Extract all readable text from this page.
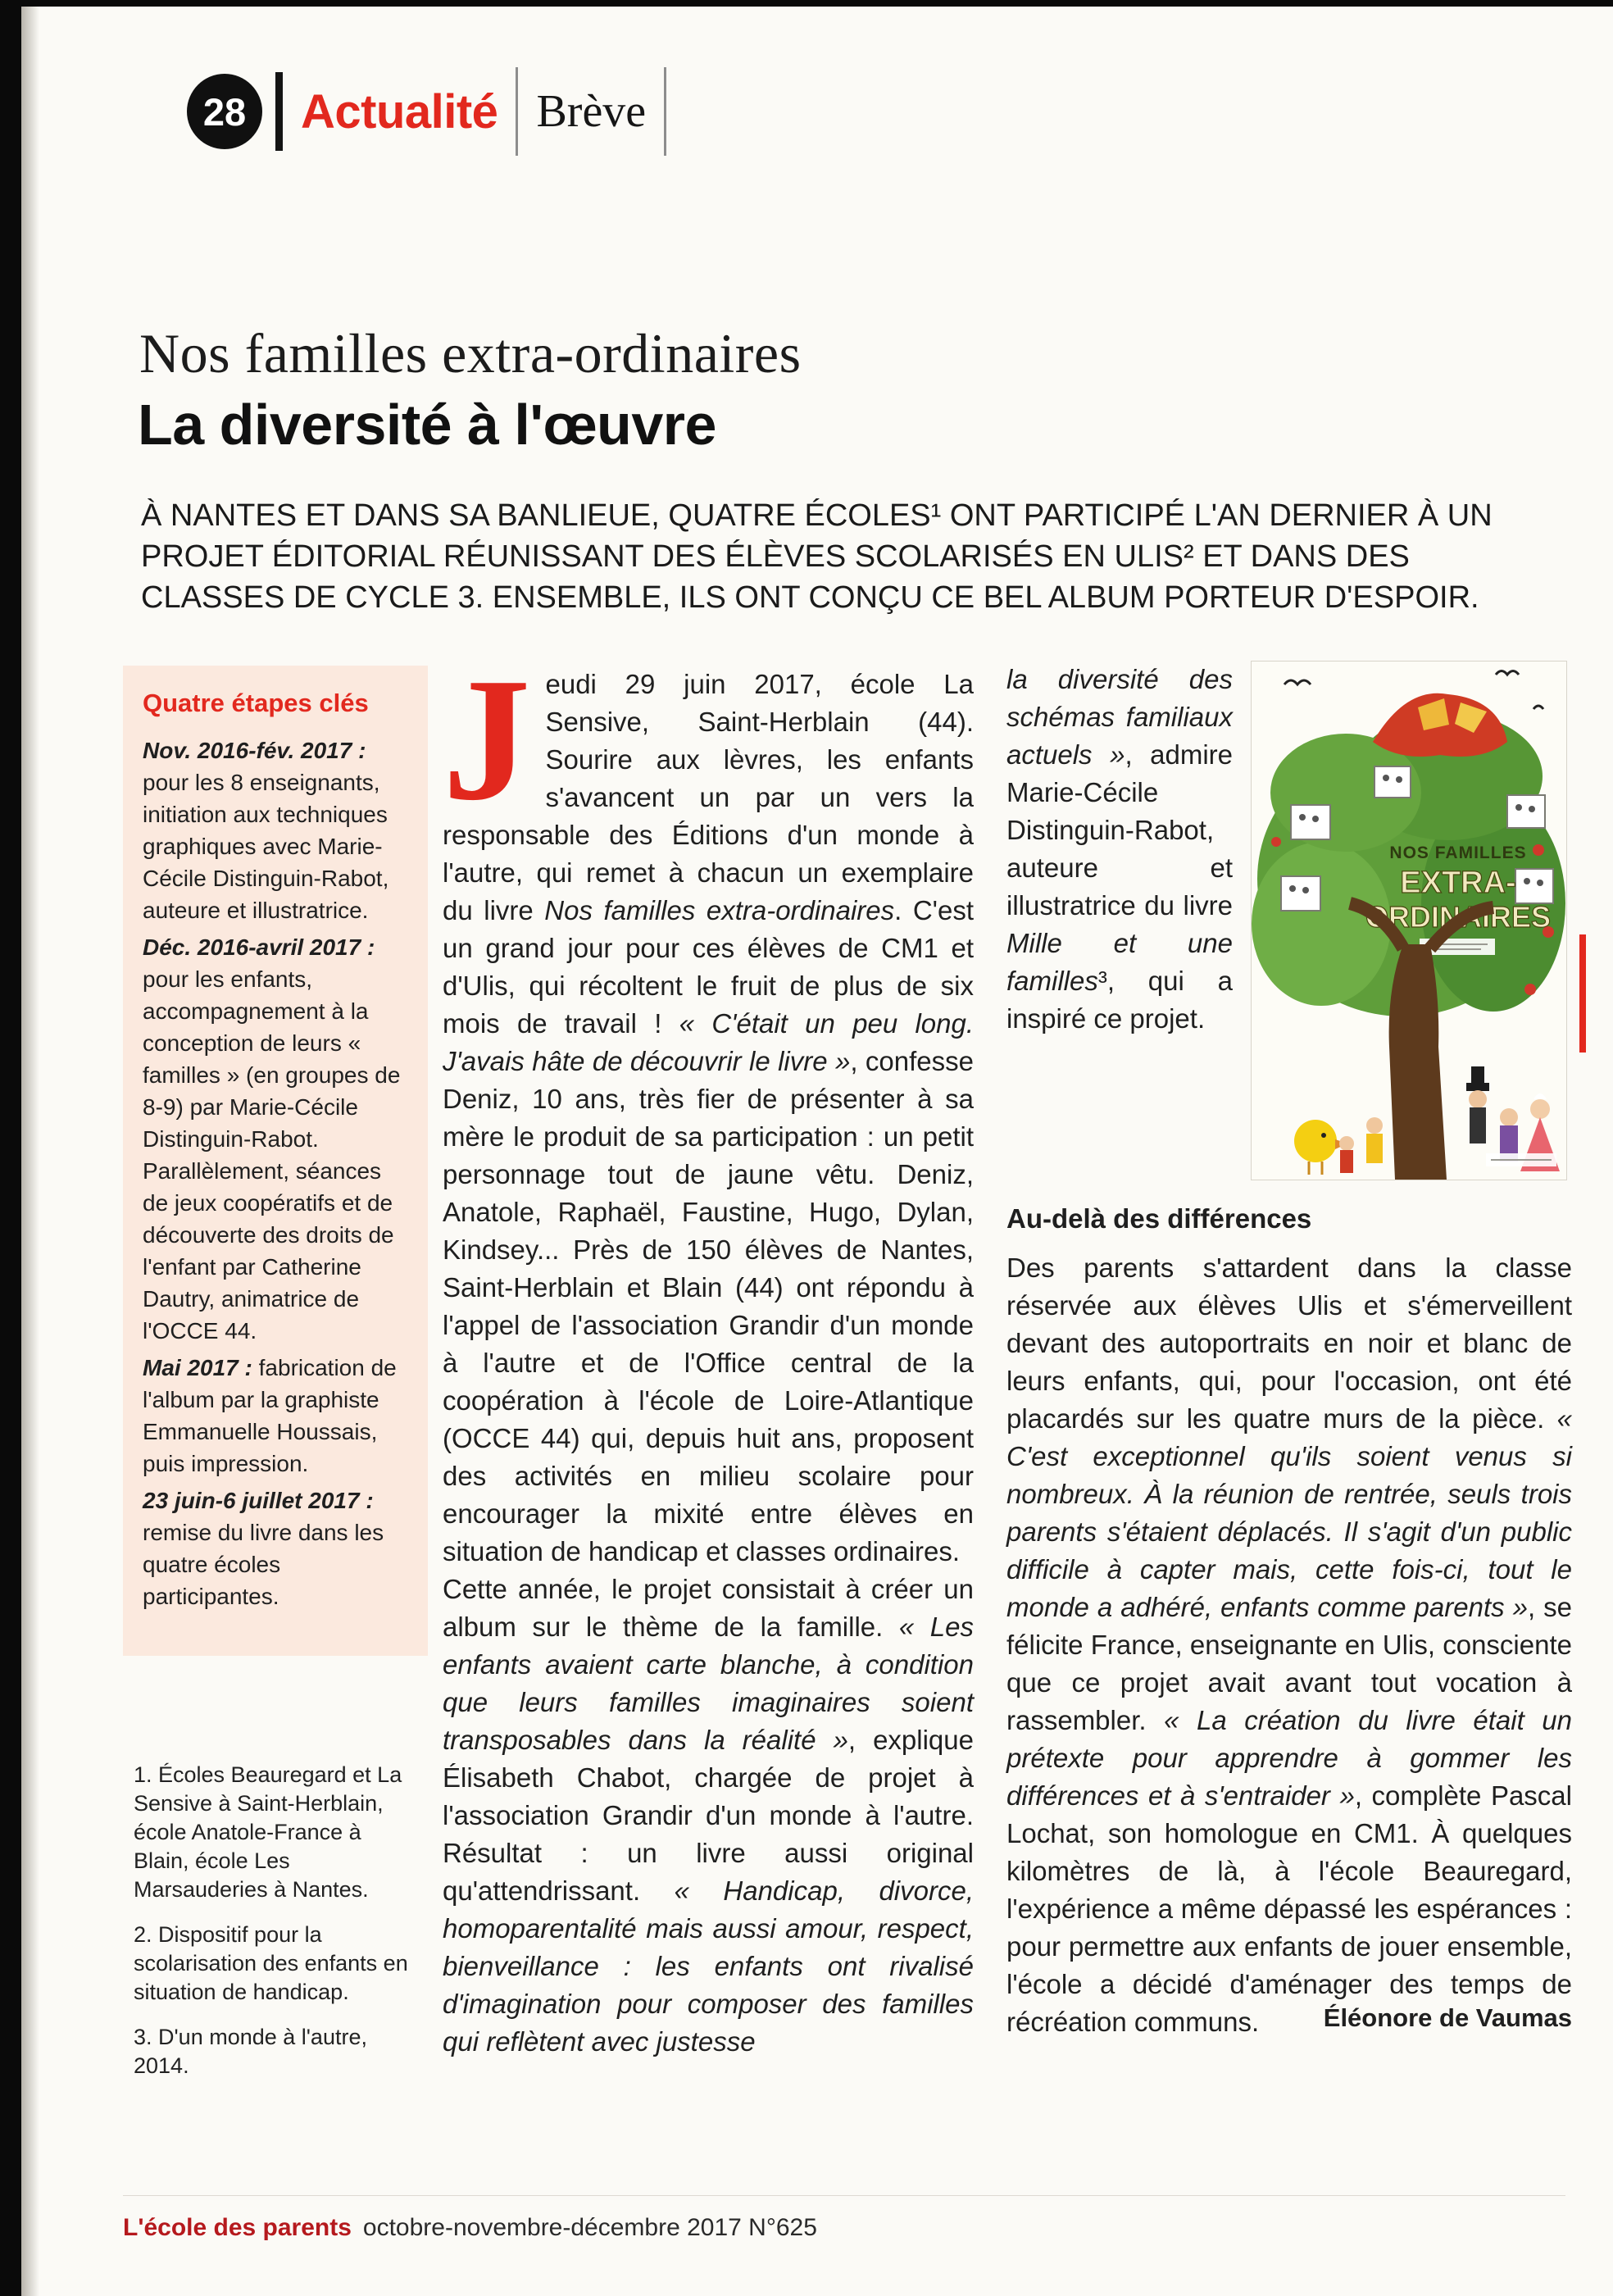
28	Actualité Brève
Nos familles extra-ordinaires
La diversité à l'œuvre

À NANTES ET DANS SA BANLIEUE, QUATRE ÉCOLES¹ ONT PARTICIPÉ L'AN DERNIER À UN PROJET ÉDITORIAL RÉUNISSANT DES ÉLÈVES SCOLARISÉS EN ULIS² ET DANS DES CLASSES DE CYCLE 3. ENSEMBLE, ILS ONT CONÇU CE BEL ALBUM PORTEUR D'ESPOIR.

Quatre étapes clés

Nov. 2016-fév. 2017 : pour les 8 enseignants, initiation aux techniques graphiques avec Marie-Cécile Distinguin-Rabot, auteure et illustratrice.

Déc. 2016-avril 2017 : pour les enfants, accompagnement à la conception de leurs « familles » (en groupes de 8-9) par Marie-Cécile Distinguin-Rabot. Parallèlement, séances de jeux coopératifs et de découverte des droits de l'enfant par Catherine Dautry, animatrice de l'OCCE 44.

Mai 2017 : fabrication de l'album par la graphiste Emmanuelle Houssais, puis impression.

23 juin-6 juillet 2017 : remise du livre dans les quatre écoles participantes.

1. Écoles Beauregard et La Sensive à Saint-Herblain, école Anatole-France à Blain, école Les Marsauderies à Nantes.

2. Dispositif pour la scolarisation des enfants en situation de handicap.

3. D'un monde à l'autre, 2014.

J eudi 29 juin 2017, école La Sensive, Saint-Herblain (44). Sourire aux lèvres, les enfants s'avancent un par un vers la responsable des Éditions d'un monde à l'autre, qui remet à chacun un exemplaire du livre Nos familles extra-ordinaires. C'est un grand jour pour ces élèves de CM1 et d'Ulis, qui récoltent le fruit de plus de six mois de travail ! « C'était un peu long. J'avais hâte de découvrir le livre », confesse Deniz, 10 ans, très fier de présenter à sa mère le produit de sa participation : un petit personnage tout de jaune vêtu. Deniz, Anatole, Raphaël, Faustine, Hugo, Dylan, Kindsey... Près de 150 élèves de Nantes, Saint-Herblain et Blain (44) ont répondu à l'appel de l'association Grandir d'un monde à l'autre et de l'Office central de la coopération à l'école de Loire-Atlantique (OCCE 44) qui, depuis huit ans, proposent des activités en milieu scolaire pour encourager la mixité entre élèves en situation de handicap et classes ordinaires.

Cette année, le projet consistait à créer un album sur le thème de la famille. « Les enfants avaient carte blanche, à condition que leurs familles imaginaires soient transposables dans la réalité », explique Élisabeth Chabot, chargée de projet à l'association Grandir d'un monde à l'autre. Résultat : un livre aussi original qu'attendrissant. « Handicap, divorce, homoparentalité mais aussi amour, respect, bienveillance : les enfants ont rivalisé d'imagination pour composer des familles qui reflètent avec justesse

la diversité des schémas familiaux actuels », admire Marie-Cécile Distinguin-Rabot, auteure et illustratrice du livre Mille et une familles³, qui a inspiré ce projet.
NOS FAMILLES
EXTRA-
ORDINAIRES
Au-delà des différences

Des parents s'attardent dans la classe réservée aux élèves Ulis et s'émerveillent devant des autoportraits en noir et blanc de leurs enfants, qui, pour l'occasion, ont été placardés sur les quatre murs de la pièce. « C'est exceptionnel qu'ils soient venus si nombreux. À la réunion de rentrée, seuls trois parents s'étaient déplacés. Il s'agit d'un public difficile à capter mais, cette fois-ci, tout le monde a adhéré, enfants comme parents », se félicite France, enseignante en Ulis, consciente que ce projet avait avant tout vocation à rassembler. « La création du livre était un prétexte pour apprendre à gommer les différences et à s'entraider », complète Pascal Lochat, son homologue en CM1. À quelques kilomètres de là, à l'école Beauregard, l'expérience a même dépassé les espérances : pour permettre aux enfants de jouer ensemble, l'école a décidé d'aménager des temps de récréation communs.	Éléonore de Vaumas
L'école des parents octobre-novembre-décembre 2017 N°625
